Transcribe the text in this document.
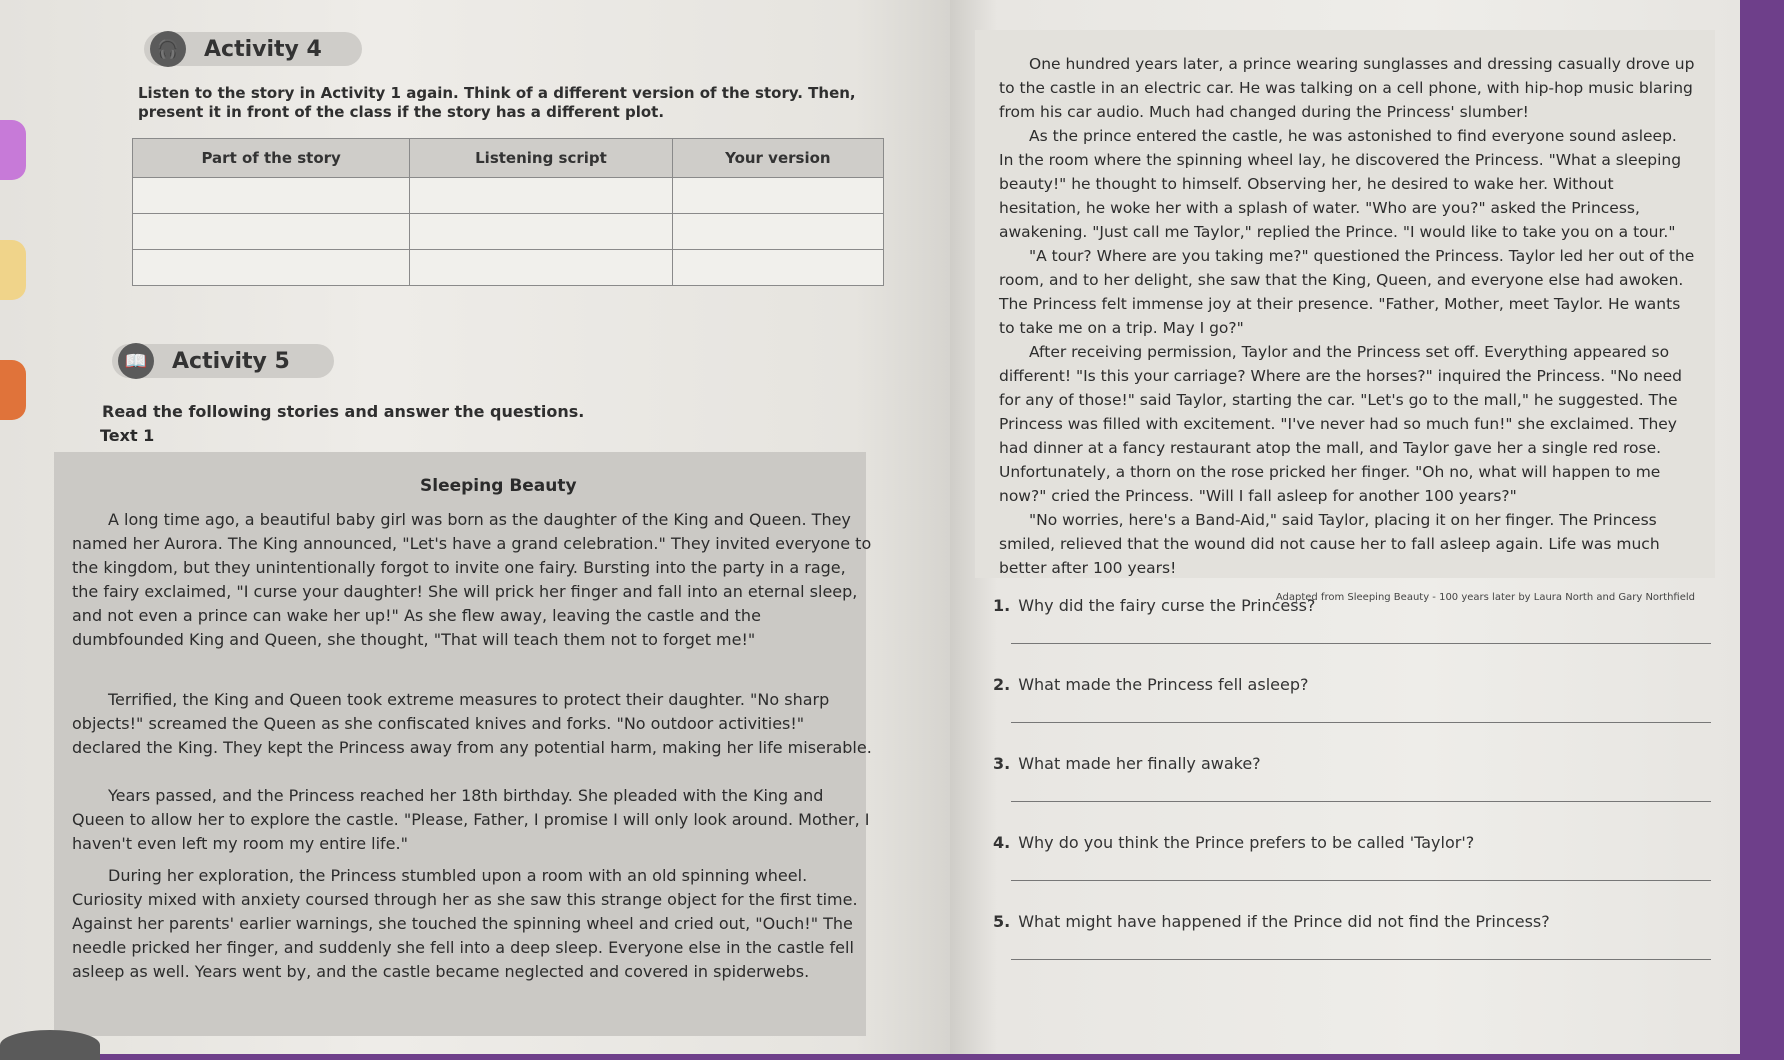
🎧	Activity 4
Listen to the story in Activity 1 again. Think of a different version of the story. Then, present it in front of the class if the story has a different plot.
Part of the story	Listening script	Your version

📖	Activity 5
Read the following stories and answer the questions.
Text 1
Sleeping Beauty

A long time ago, a beautiful baby girl was born as the daughter of the King and Queen. They named her Aurora. The King announced, "Let's have a grand celebration." They invited everyone to the kingdom, but they unintentionally forgot to invite one fairy. Bursting into the party in a rage, the fairy exclaimed, "I curse your daughter! She will prick her finger and fall into an eternal sleep, and not even a prince can wake her up!" As she flew away, leaving the castle and the dumbfounded King and Queen, she thought, "That will teach them not to forget me!"

Terrified, the King and Queen took extreme measures to protect their daughter. "No sharp objects!" screamed the Queen as she confiscated knives and forks. "No outdoor activities!" declared the King. They kept the Princess away from any potential harm, making her life miserable.

Years passed, and the Princess reached her 18th birthday. She pleaded with the King and Queen to allow her to explore the castle. "Please, Father, I promise I will only look around. Mother, I haven't even left my room my entire life."

During her exploration, the Princess stumbled upon a room with an old spinning wheel. Curiosity mixed with anxiety coursed through her as she saw this strange object for the first time. Against her parents' earlier warnings, she touched the spinning wheel and cried out, "Ouch!" The needle pricked her finger, and suddenly she fell into a deep sleep. Everyone else in the castle fell asleep as well. Years went by, and the castle became neglected and covered in spiderwebs.

One hundred years later, a prince wearing sunglasses and dressing casually drove up to the castle in an electric car. He was talking on a cell phone, with hip-hop music blaring from his car audio. Much had changed during the Princess' slumber!

As the prince entered the castle, he was astonished to find everyone sound asleep. In the room where the spinning wheel lay, he discovered the Princess. "What a sleeping beauty!" he thought to himself. Observing her, he desired to wake her. Without hesitation, he woke her with a splash of water. "Who are you?" asked the Princess, awakening. "Just call me Taylor," replied the Prince. "I would like to take you on a tour."

"A tour? Where are you taking me?" questioned the Princess. Taylor led her out of the room, and to her delight, she saw that the King, Queen, and everyone else had awoken. The Princess felt immense joy at their presence. "Father, Mother, meet Taylor. He wants to take me on a trip. May I go?"

After receiving permission, Taylor and the Princess set off. Everything appeared so different! "Is this your carriage? Where are the horses?" inquired the Princess. "No need for any of those!" said Taylor, starting the car. "Let's go to the mall," he suggested. The Princess was filled with excitement. "I've never had so much fun!" she exclaimed. They had dinner at a fancy restaurant atop the mall, and Taylor gave her a single red rose. Unfortunately, a thorn on the rose pricked her finger. "Oh no, what will happen to me now?" cried the Princess. "Will I fall asleep for another 100 years?"

"No worries, here's a Band-Aid," said Taylor, placing it on her finger. The Princess smiled, relieved that the wound did not cause her to fall asleep again. Life was much better after 100 years!

Adapted from Sleeping Beauty - 100 years later by Laura North and Gary Northfield

1. Why did the fairy curse the Princess?
2. What made the Princess fell asleep?
3. What made her finally awake?
4. Why do you think the Prince prefers to be called 'Taylor'?
5. What might have happened if the Prince did not find the Princess?
